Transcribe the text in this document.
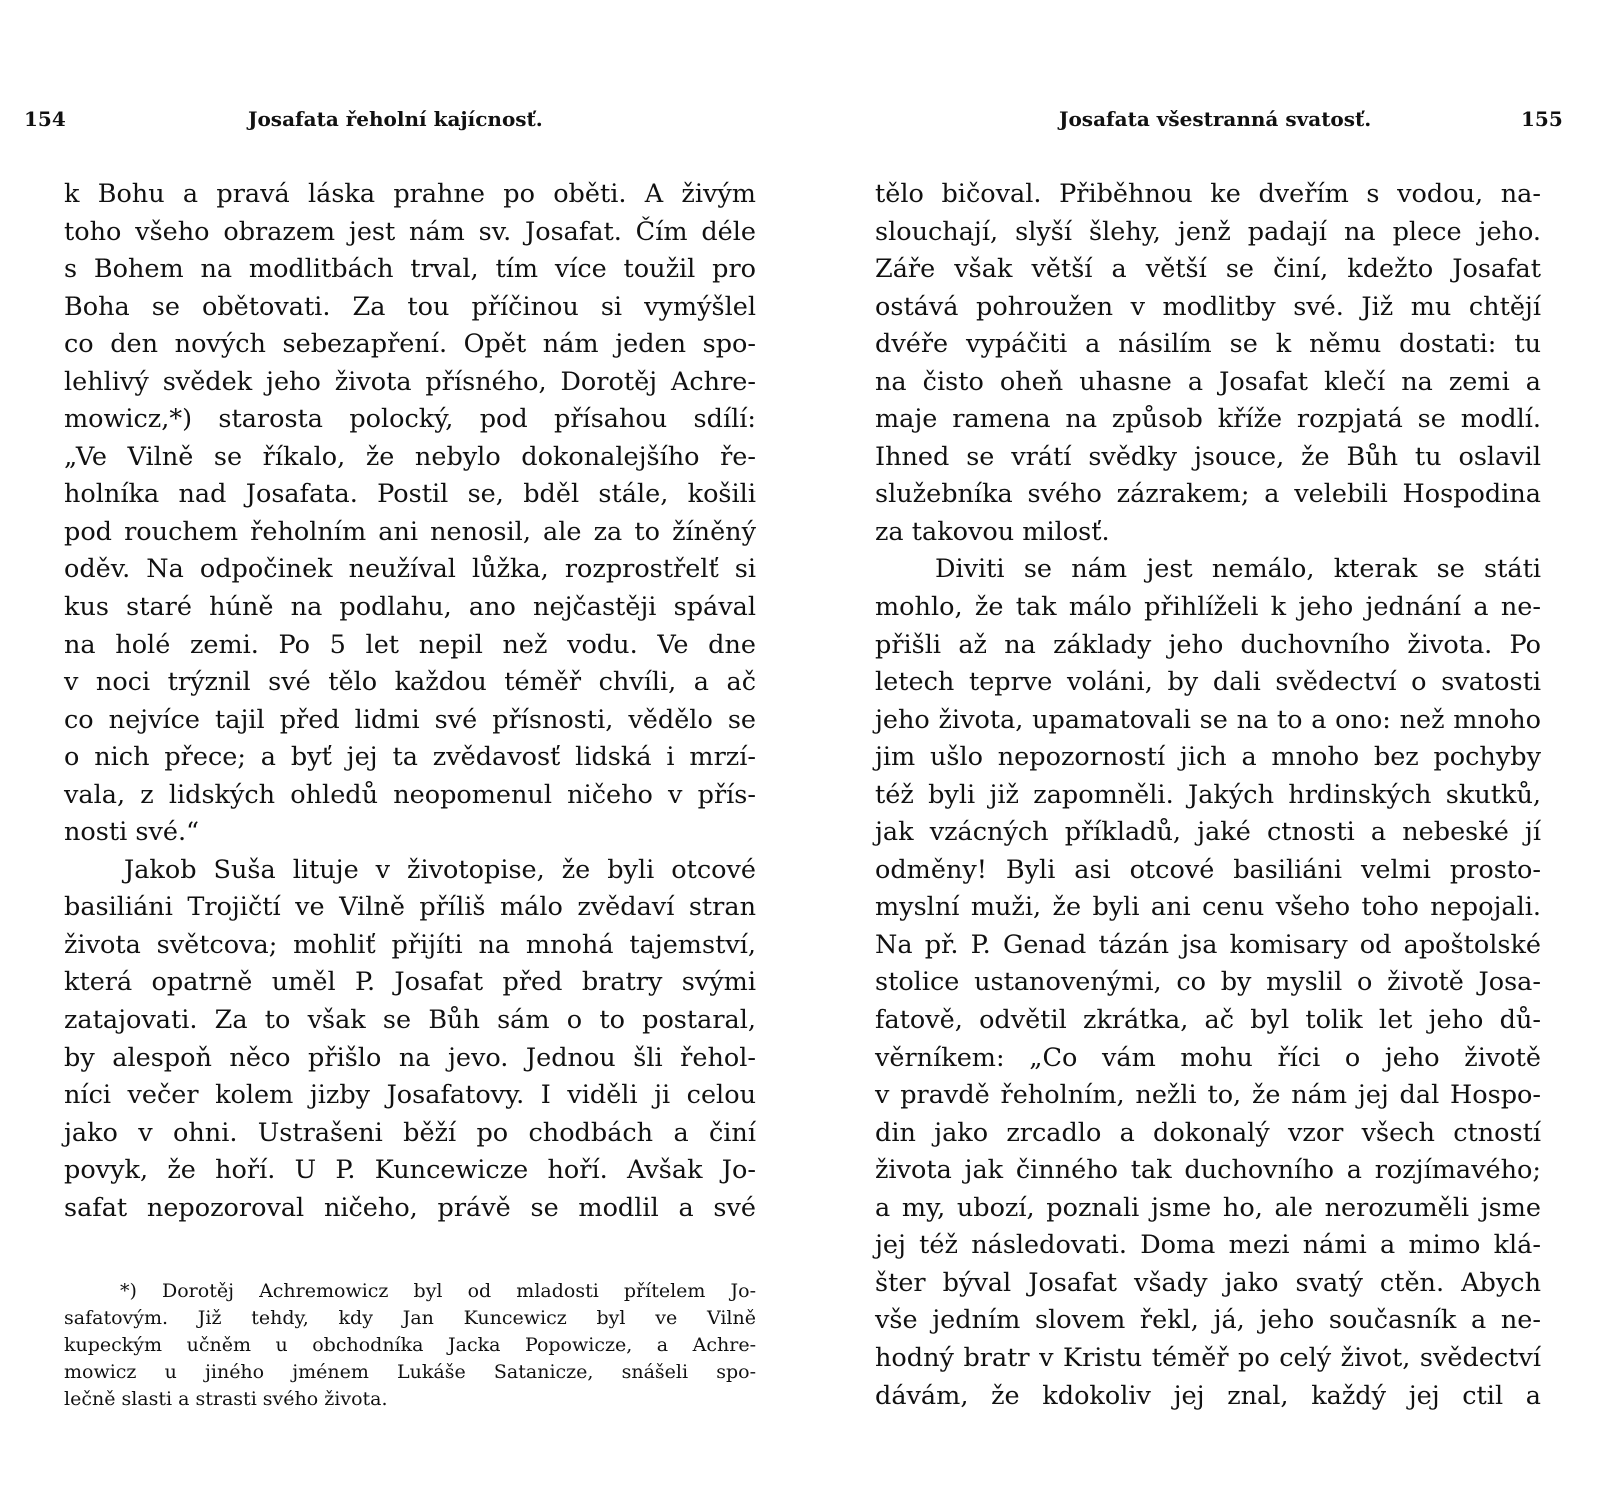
154	Josafata řeholní kajícnosť.
k Bohu a pravá láska prahne po oběti. A živým
toho všeho obrazem jest nám sv. Josafat. Čím déle
s Bohem na modlitbách trval, tím více toužil pro
Boha se obětovati. Za tou příčinou si vymýšlel
co den nových sebezapření. Opět nám jeden spo-
lehlivý svědek jeho života přísného, Dorotěj Achre-
mowicz,*) starosta polocký, pod přísahou sdílí:
„Ve Vilně se říkalo, že nebylo dokonalejšího ře-
holníka nad Josafata. Postil se, bděl stále, košili
pod rouchem řeholním ani nenosil, ale za to žíněný
oděv. Na odpočinek neužíval lůžka, rozprostřelť si
kus staré húně na podlahu, ano nejčastěji spával
na holé zemi. Po 5 let nepil než vodu. Ve dne
v noci trýznil své tělo každou téměř chvíli, a ač
co nejvíce tajil před lidmi své přísnosti, vědělo se
o nich přece; a byť jej ta zvědavosť lidská i mrzí-
vala, z lidských ohledů neopomenul ničeho v přís-
nosti své.“
Jakob Suša lituje v životopise, že byli otcové
basiliáni Trojičtí ve Vilně příliš málo zvědaví stran
života světcova; mohliť přijíti na mnohá tajemství,
která opatrně uměl P. Josafat před bratry svými
zatajovati. Za to však se Bůh sám o to postaral,
by alespoň něco přišlo na jevo. Jednou šli řehol-
níci večer kolem jizby Josafatovy. I viděli ji celou
jako v ohni. Ustrašeni běží po chodbách a činí
povyk, že hoří. U P. Kuncewicze hoří. Avšak Jo-
safat nepozoroval ničeho, právě se modlil a své
*) Dorotěj Achremowicz byl od mladosti přítelem Jo-
safatovým. Již tehdy, kdy Jan Kuncewicz byl ve Vilně
kupeckým učněm u obchodníka Jacka Popowicze, a Achre-
mowicz u jiného jménem Lukáše Satanicze, snášeli spo-
lečně slasti a strasti svého života.
Josafata všestranná svatosť.	155
tělo bičoval. Přiběhnou ke dveřím s vodou, na-
slouchají, slyší šlehy, jenž padají na plece jeho.
Záře však větší a větší se činí, kdežto Josafat
ostává pohroužen v modlitby své. Již mu chtějí
dvéře vypáčiti a násilím se k němu dostati: tu
na čisto oheň uhasne a Josafat klečí na zemi a
maje ramena na způsob kříže rozpjatá se modlí.
Ihned se vrátí svědky jsouce, že Bůh tu oslavil
služebníka svého zázrakem; a velebili Hospodina
za takovou milosť.
Diviti se nám jest nemálo, kterak se státi
mohlo, že tak málo přihlíželi k jeho jednání a ne-
přišli až na základy jeho duchovního života. Po
letech teprve voláni, by dali svědectví o svatosti
jeho života, upamatovali se na to a ono: než mnoho
jim ušlo nepozorností jich a mnoho bez pochyby
též byli již zapomněli. Jakých hrdinských skutků,
jak vzácných příkladů, jaké ctnosti a nebeské jí
odměny! Byli asi otcové basiliáni velmi prosto-
myslní muži, že byli ani cenu všeho toho nepojali.
Na př. P. Genad tázán jsa komisary od apoštolské
stolice ustanovenými, co by myslil o životě Josa-
fatově, odvětil zkrátka, ač byl tolik let jeho dů-
věrníkem: „Co vám mohu říci o jeho životě
v pravdě řeholním, nežli to, že nám jej dal Hospo-
din jako zrcadlo a dokonalý vzor všech ctností
života jak činného tak duchovního a rozjímavého;
a my, ubozí, poznali jsme ho, ale nerozuměli jsme
jej též následovati. Doma mezi námi a mimo klá-
šter býval Josafat všady jako svatý ctěn. Abych
vše jedním slovem řekl, já, jeho současník a ne-
hodný bratr v Kristu téměř po celý život, svědectví
dávám, že kdokoliv jej znal, každý jej ctil a
